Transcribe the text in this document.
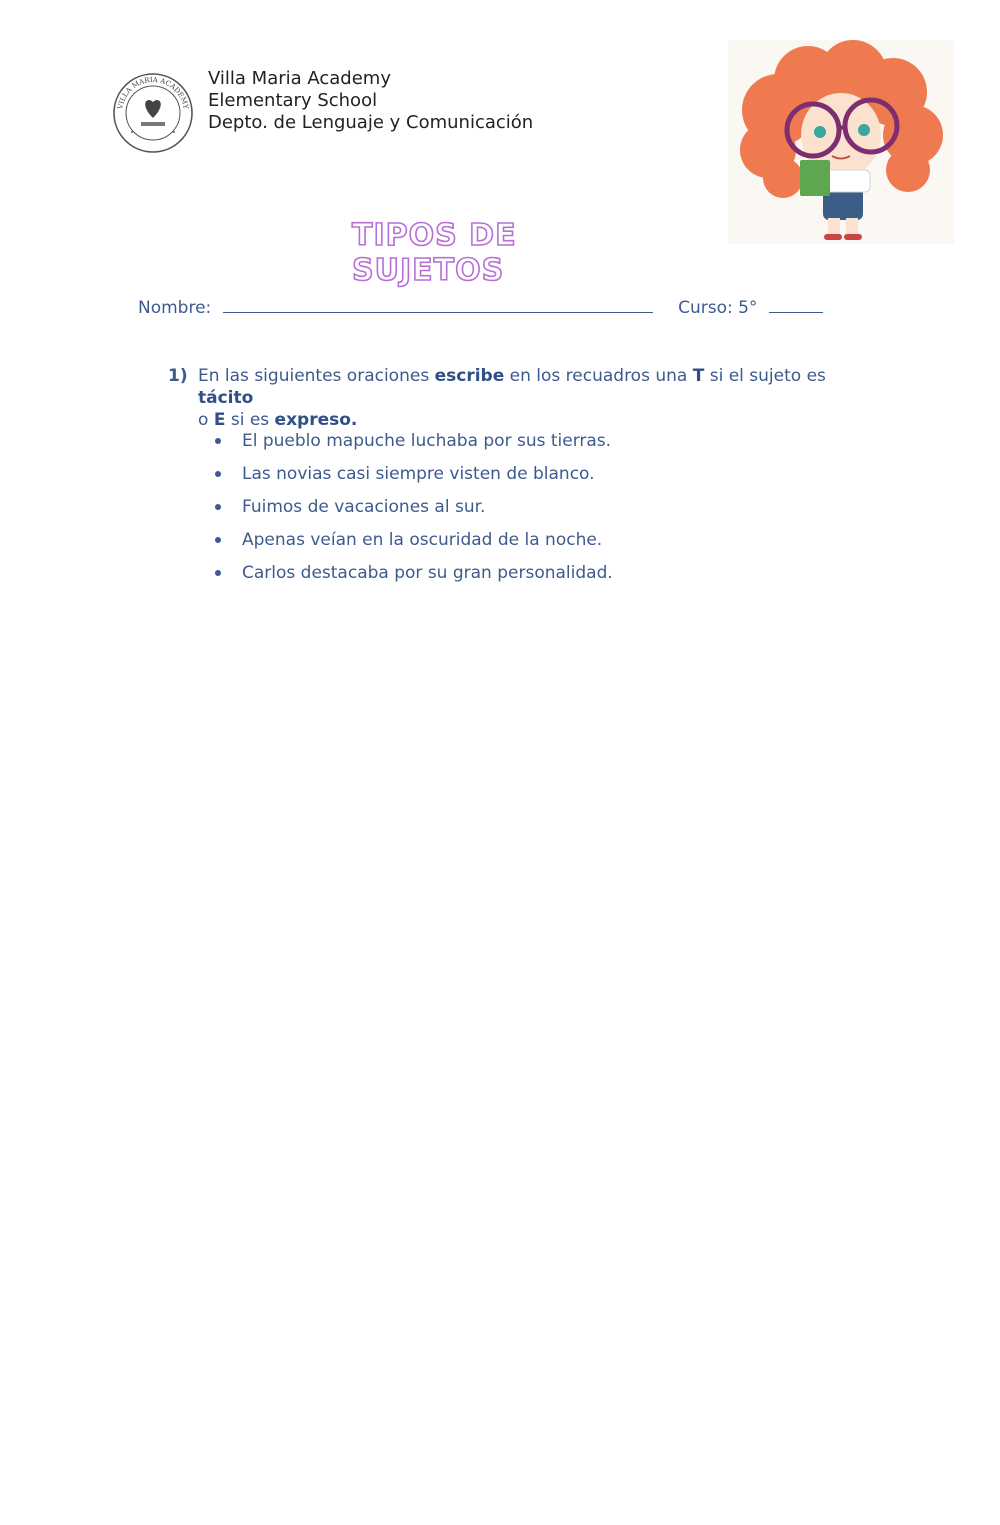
VILLA MARIA ACADEMY
Villa Maria Academy
Elementary School
Depto. de Lenguaje y Comunicación
TIPOS DE SUJETOS
Nombre:	Curso: 5°
1) En las siguientes oraciones escribe en los recuadros una T si el sujeto es tácito
o E si es expreso.
El pueblo mapuche luchaba por sus tierras.
Las novias casi siempre visten de blanco.
Fuimos de vacaciones al sur.
Apenas veían en la oscuridad de la noche.
Carlos destacaba por su gran personalidad.
